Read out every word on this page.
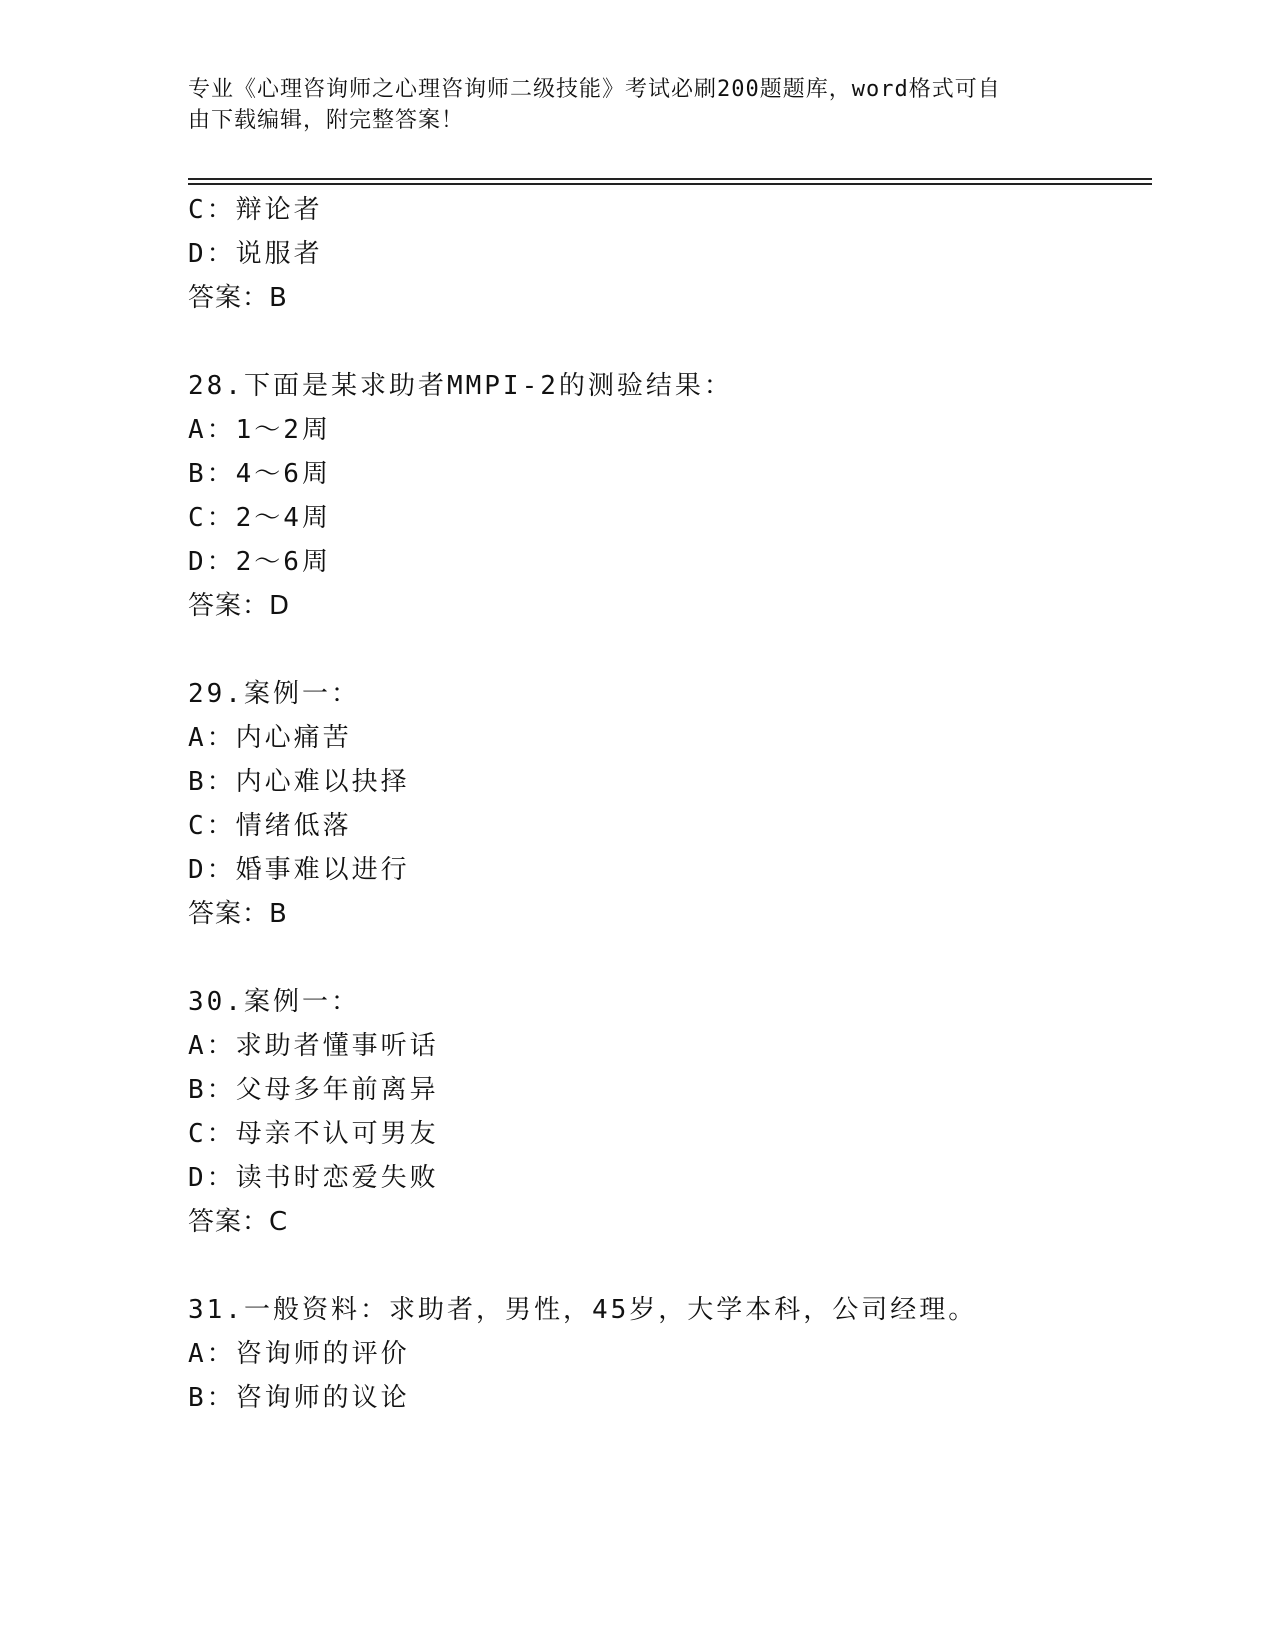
专业《心理咨询师之心理咨询师二级技能》考试必刷200题题库，word格式可自
由下载编辑，附完整答案！
C：辩论者
D：说服者
答案：B
28.下面是某求助者MMPI-2的测验结果：
A：1～2周
B：4～6周
C：2～4周
D：2～6周
答案：D
29.案例一：
A：内心痛苦
B：内心难以抉择
C：情绪低落
D：婚事难以进行
答案：B
30.案例一：
A：求助者懂事听话
B：父母多年前离异
C：母亲不认可男友
D：读书时恋爱失败
答案：C
31.一般资料：求助者，男性，45岁，大学本科，公司经理。
A：咨询师的评价
B：咨询师的议论
